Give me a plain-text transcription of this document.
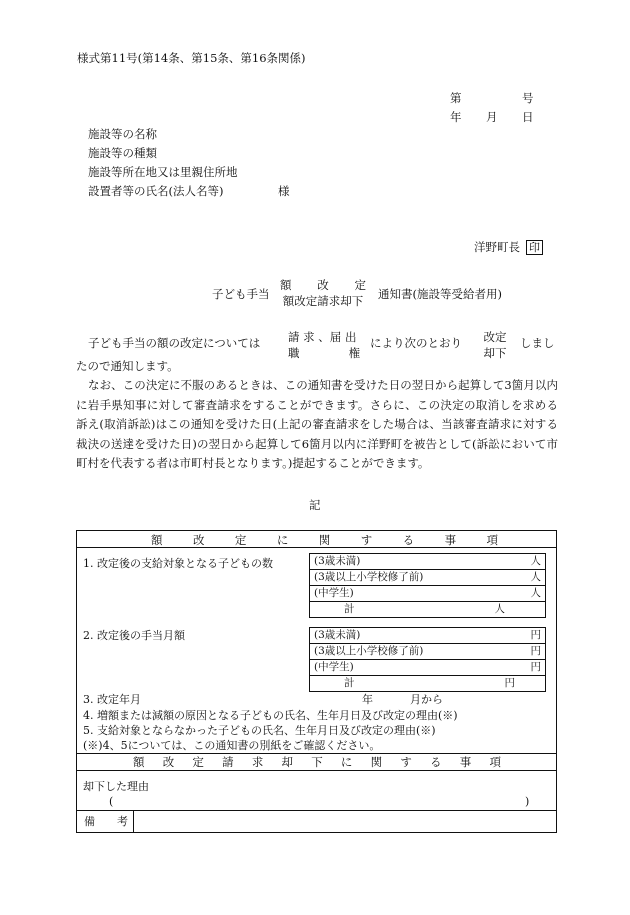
様式第11号(第14条、第15条、第16条関係)
第	号
年 月 日
施設等の名称
施設等の種類
施設等所在地又は里親住所地
設置者等の氏名(法人名等)	様
洋野町長 印
子ども手当
額 改 定
額改定請求却下 通知書(施設等受給者用)
子ども手当の額の改定については 請 求 、届 出
職 　 　 　 権
により次のとおり	改定
却下
しまし
たので通知します。
なお、この決定に不服のあるときは、この通知書を受けた日の翌日から起算して3箇月以内に岩手県知事に対して審査請求をすることができます。さらに、この決定の取消しを求める訴え(取消訴訟)はこの通知を受けた日(上記の審査請求をした場合は、当該審査請求に対する裁決の送達を受けた日)の翌日から起算して6箇月以内に洋野町を被告として(訴訟において市町村を代表する者は市町村長となります。)提起することができます。
記
額	改	定	に	関	す	る	事	項
1. 改定後の支給対象となる子どもの数	(3歳未満)	人
(3歳以上小学校修了前)	人
(中学生)	人
計	人
2. 改定後の手当月額	(3歳未満)	円
(3歳以上小学校修了前)	円
(中学生)	円
計	円
3. 改定年月	年	月から
4. 増額または減額の原因となる子どもの氏名、生年月日及び改定の理由(※)
5. 支給対象とならなかった子どもの氏名、生年月日及び改定の理由(※)
(※)4、5については、この通知書の別紙をご確認ください。
額 改 定 請 求 却 下 に 関 す る 事 項
却下した理由
(	)
備　　考
